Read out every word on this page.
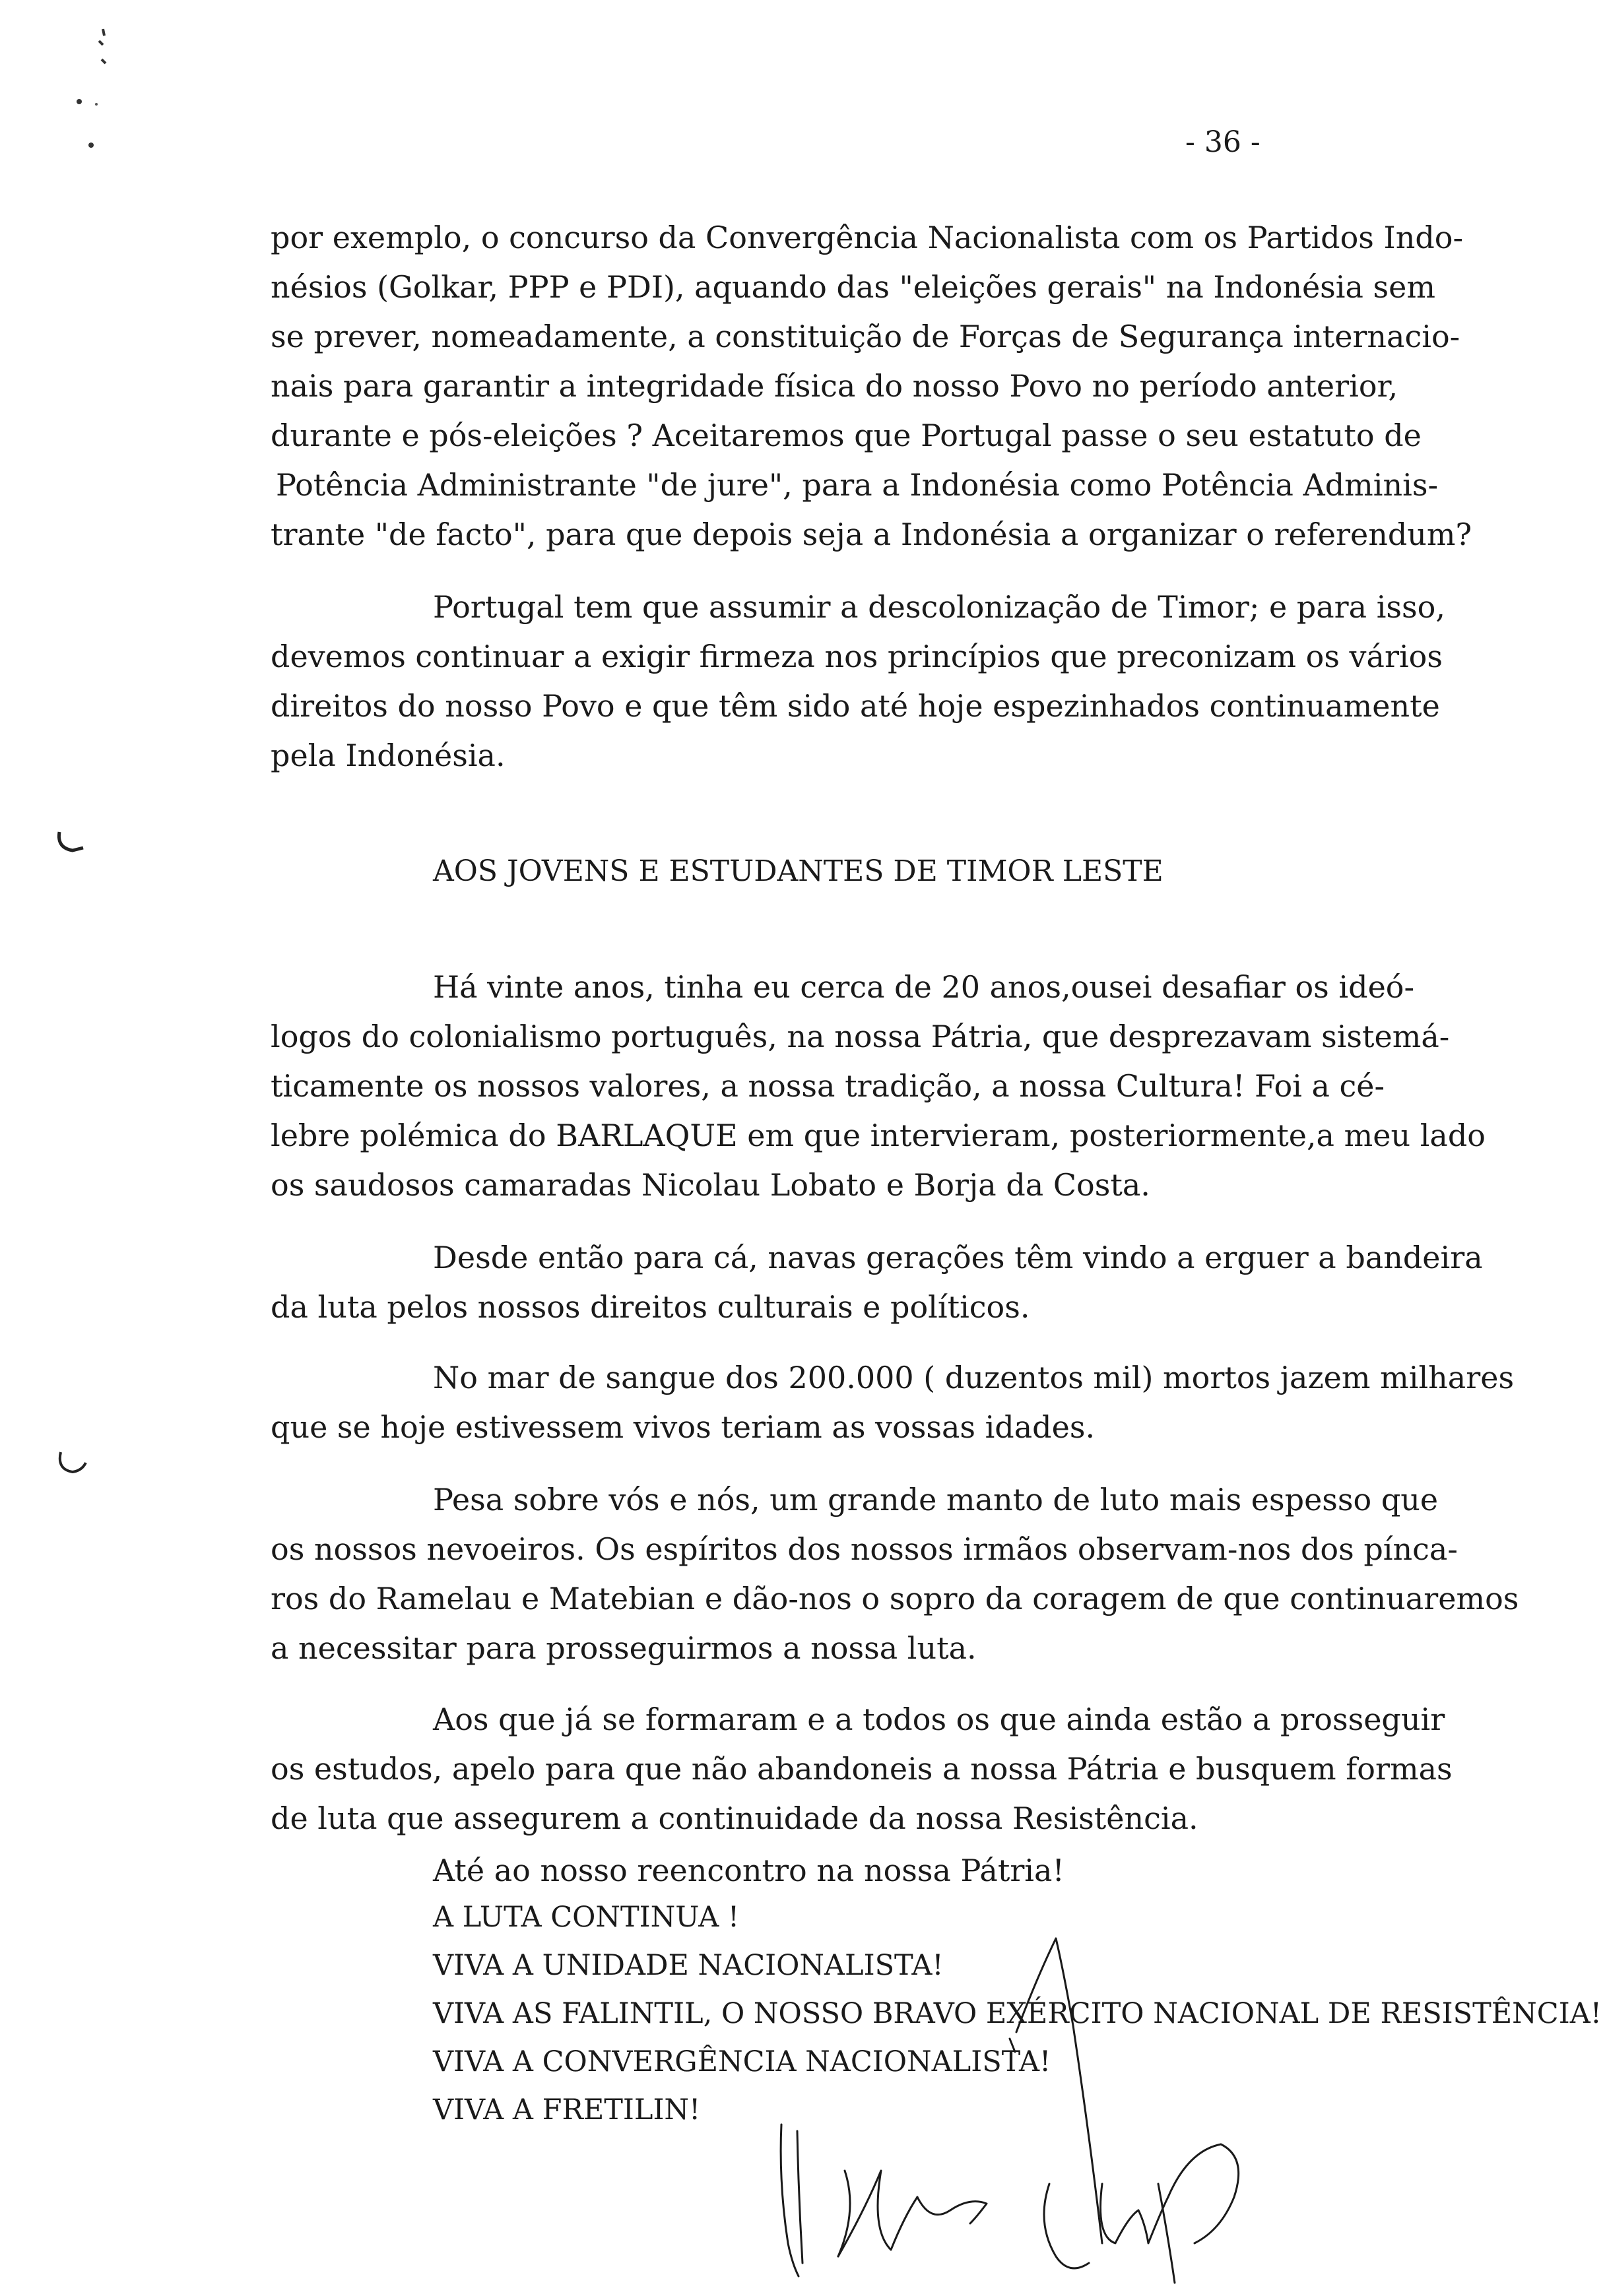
- 36 -
por exemplo, o concurso da Convergência Nacionalista com os Partidos Indo-
nésios (Golkar, PPP e PDI), aquando das "eleições gerais" na Indonésia sem
se prever, nomeadamente, a constituição de Forças de Segurança internacio-
nais para garantir a integridade física do nosso Povo no período anterior,
durante e pós-eleições ? Aceitaremos que Portugal passe o seu estatuto de
Potência Administrante "de jure", para a Indonésia como Potência Adminis-
trante "de facto", para que depois seja a Indonésia a organizar o referendum?
Portugal tem que assumir a descolonização de Timor; e para isso,
devemos continuar a exigir firmeza nos princípios que preconizam os vários
direitos do nosso Povo e que têm sido até hoje espezinhados continuamente
pela Indonésia.
AOS JOVENS E ESTUDANTES DE TIMOR LESTE
Há vinte anos, tinha eu cerca de 20 anos,ousei desafiar os ideó-
logos do colonialismo português, na nossa Pátria, que desprezavam sistemá-
ticamente os nossos valores, a nossa tradição, a nossa Cultura! Foi a cé-
lebre polémica do BARLAQUE em que intervieram, posteriormente,a meu lado
os saudosos camaradas Nicolau Lobato e Borja da Costa.
Desde então para cá, navas gerações têm vindo a erguer a bandeira
da luta pelos nossos direitos culturais e políticos.
No mar de sangue dos 200.000 ( duzentos mil) mortos jazem milhares
que se hoje estivessem vivos teriam as vossas idades.
Pesa sobre vós e nós, um grande manto de luto mais espesso que
os nossos nevoeiros. Os espíritos dos nossos irmãos observam-nos dos pínca-
ros do Ramelau e Matebian e dão-nos o sopro da coragem de que continuaremos
a necessitar para prosseguirmos a nossa luta.
Aos que já se formaram e a todos os que ainda estão a prosseguir
os estudos, apelo para que não abandoneis a nossa Pátria e busquem formas
de luta que assegurem a continuidade da nossa Resistência.
Até ao nosso reencontro na nossa Pátria!
A LUTA CONTINUA !
VIVA A UNIDADE NACIONALISTA!
VIVA AS FALINTIL, O NOSSO BRAVO EXÉRCITO NACIONAL DE RESISTÊNCIA!
VIVA A CONVERGÊNCIA NACIONALISTA!
VIVA A FRETILIN!
